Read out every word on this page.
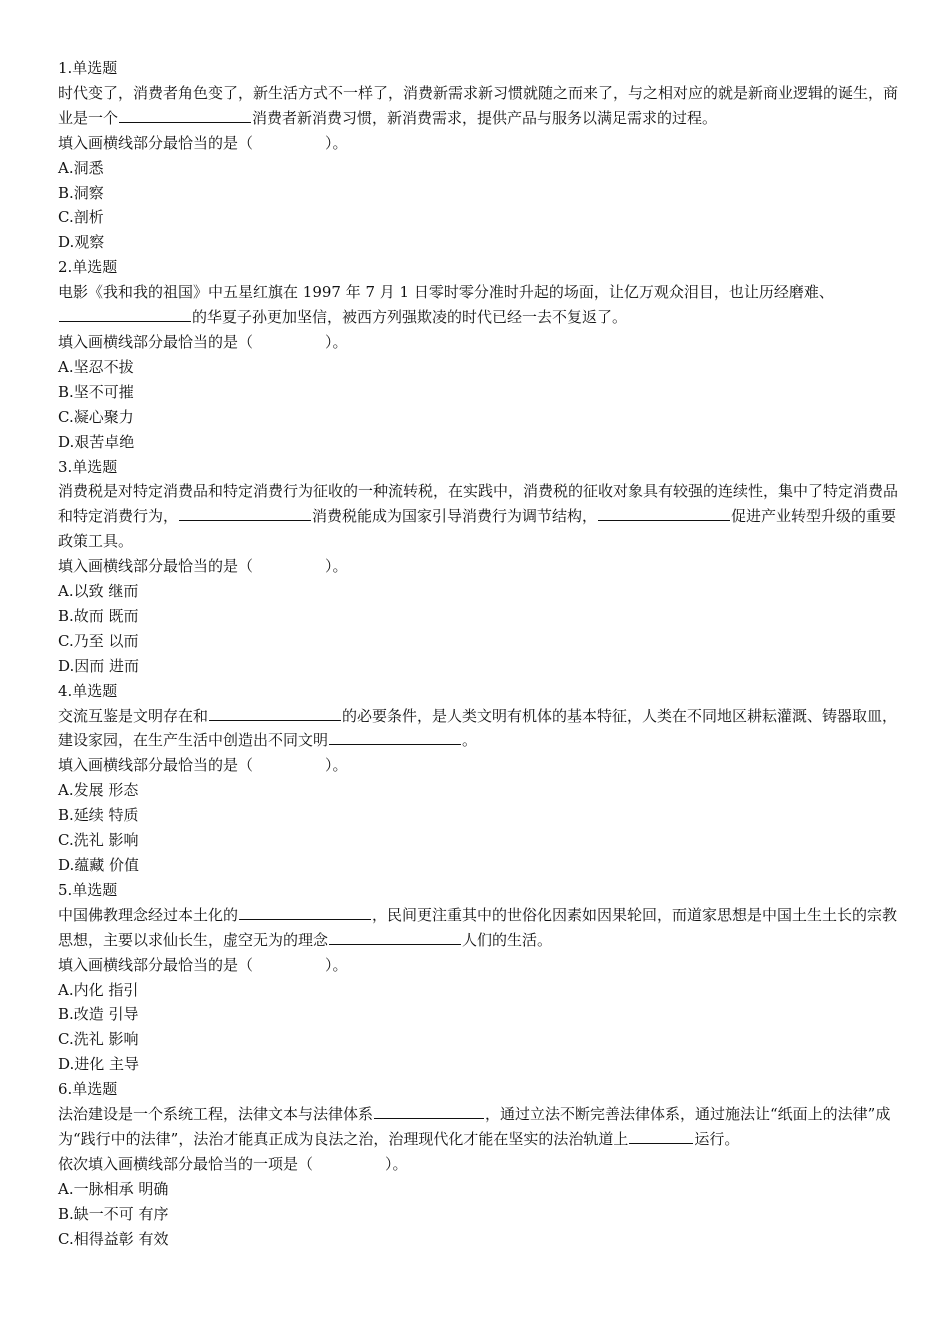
1.单选题
时代变了，消费者角色变了，新生活方式不一样了，消费新需求新习惯就随之而来了，与之相对应的就是新商业逻辑的诞生，商业是一个	消费者新消费习惯，新消费需求，提供产品与服务以满足需求的过程。
填入画横线部分最恰当的是（	）。
A.洞悉
B.洞察
C.剖析
D.观察
2.单选题
电影《我和我的祖国》中五星红旗在 1997 年 7 月 1 日零时零分准时升起的场面，让亿万观众泪目，也让历经磨难、的华夏子孙更加坚信，被西方列强欺凌的时代已经一去不复返了。
填入画横线部分最恰当的是（	）。
A.坚忍不拔
B.坚不可摧
C.凝心聚力
D.艰苦卓绝
3.单选题
消费税是对特定消费品和特定消费行为征收的一种流转税，在实践中，消费税的征收对象具有较强的连续性，集中了特定消费品和特定消费行为，	消费税能成为国家引导消费行为调节结构，	促进产业转型升级的重要政策工具。
填入画横线部分最恰当的是（	）。
A.以致 继而
B.故而 既而
C.乃至 以而
D.因而 进而
4.单选题
交流互鉴是文明存在和	的必要条件，是人类文明有机体的基本特征，人类在不同地区耕耘灌溉、铸器取皿，建设家园，在生产生活中创造出不同文明	。
填入画横线部分最恰当的是（	）。
A.发展 形态
B.延续 特质
C.洗礼 影响
D.蕴藏 价值
5.单选题
中国佛教理念经过本土化的	，民间更注重其中的世俗化因素如因果轮回，而道家思想是中国土生土长的宗教思想，主要以求仙长生，虚空无为的理念	人们的生活。
填入画横线部分最恰当的是（	）。
A.内化 指引
B.改造 引导
C.洗礼 影响
D.进化 主导
6.单选题
法治建设是一个系统工程，法律文本与法律体系	，通过立法不断完善法律体系，通过施法让“纸面上的法律”成为“践行中的法律”，法治才能真正成为良法之治，治理现代化才能在坚实的法治轨道上	运行。
依次填入画横线部分最恰当的一项是（	）。
A.一脉相承 明确
B.缺一不可 有序
C.相得益彰 有效
